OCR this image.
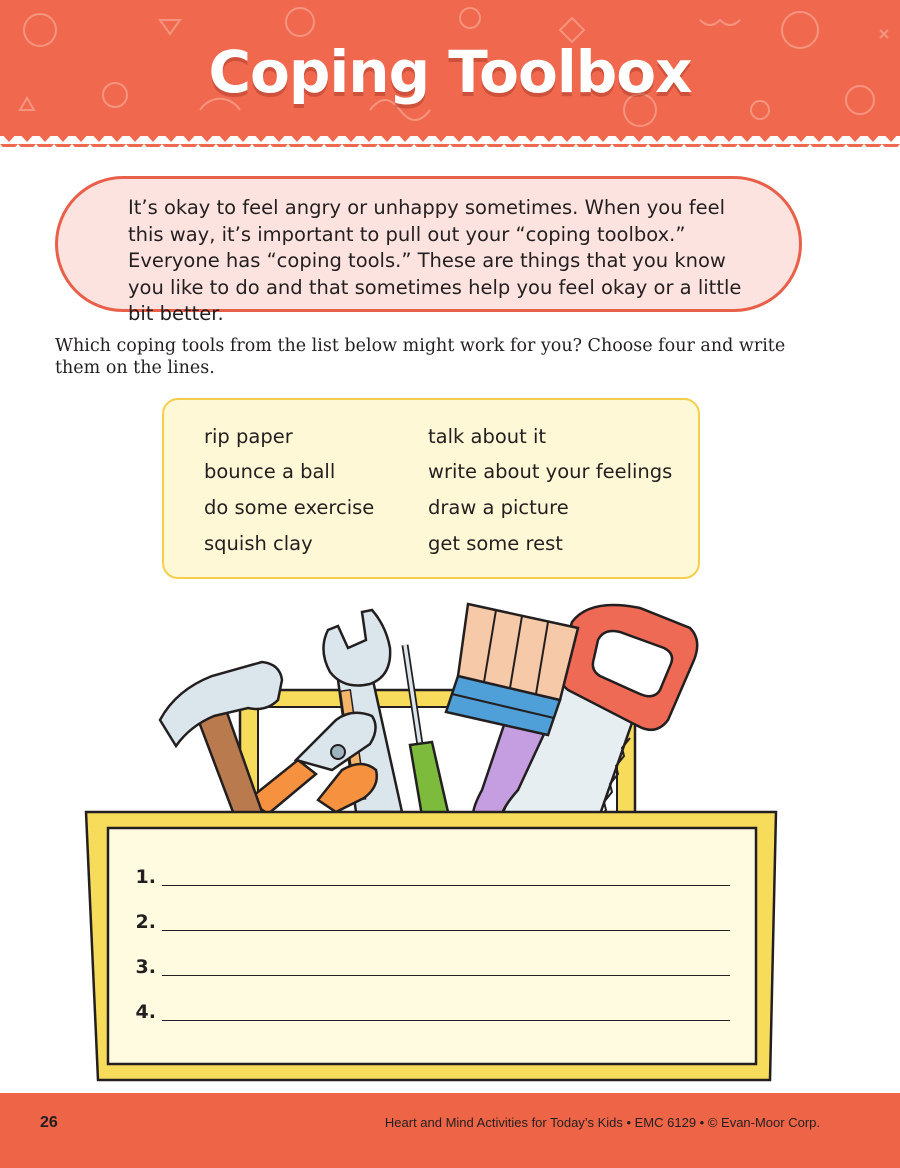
Coping Toolbox

It’s okay to feel angry or unhappy sometimes. When you feel this way, it’s important to pull out your “coping toolbox.” Everyone has “coping tools.” These are things that you know you like to do and that sometimes help you feel okay or a little bit better.

Which coping tools from the list below might work for you? Choose four and write them on the lines.

rip paper
bounce a ball
do some exercise
squish clay
talk about it
write about your feelings
draw a picture
get some rest
1.
2.
3.
4.
26	Heart and Mind Activities for Today’s Kids • EMC 6129 • © Evan-Moor Corp.
